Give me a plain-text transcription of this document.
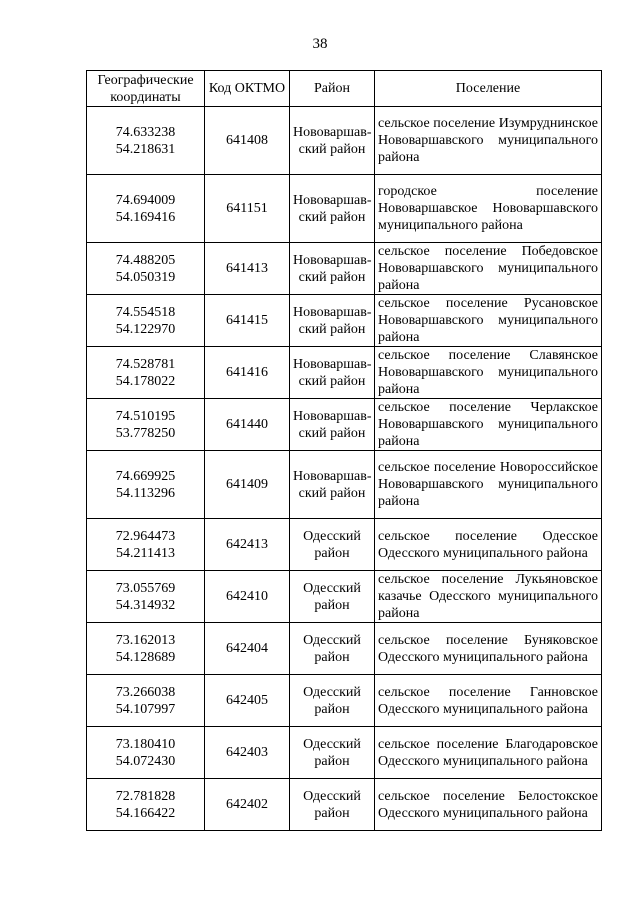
38
Географические координаты	Код ОКТМО	Район	Поселение

74.633238
54.218631	641408	Нововаршав-ский район	сельское поселение Изумруднинское Нововаршавского муниципального района

74.694009
54.169416	641151	Нововаршав-ский район	городское поселение Нововаршавское Нововаршавского муниципального района

74.488205
54.050319	641413	Нововаршав-ский район	сельское поселение Победовское Нововаршавского муниципального района

74.554518
54.122970	641415	Нововаршав-ский район	сельское поселение Русановское Нововаршавского муниципального района

74.528781
54.178022	641416	Нововаршав-ский район	сельское поселение Славянское Нововаршавского муниципального района

74.510195
53.778250	641440	Нововаршав-ский район	сельское поселение Черлакское Нововаршавского муниципального района

74.669925
54.113296	641409	Нововаршав-ский район	сельское поселение Новороссийское Нововаршавского муниципального района

72.964473
54.211413	642413	Одесский район	сельское поселение Одесское Одесского муниципального района

73.055769
54.314932	642410	Одесский район	сельское поселение Лукьяновское казачье Одесского муниципального района

73.162013
54.128689	642404	Одесский район	сельское поселение Буняковское Одесского муниципального района

73.266038
54.107997	642405	Одесский район	сельское поселение Ганновское Одесского муниципального района

73.180410
54.072430	642403	Одесский район	сельское поселение Благодаровское Одесского муниципального района

72.781828
54.166422	642402	Одесский район	сельское поселение Белостокское Одесского муниципального района
